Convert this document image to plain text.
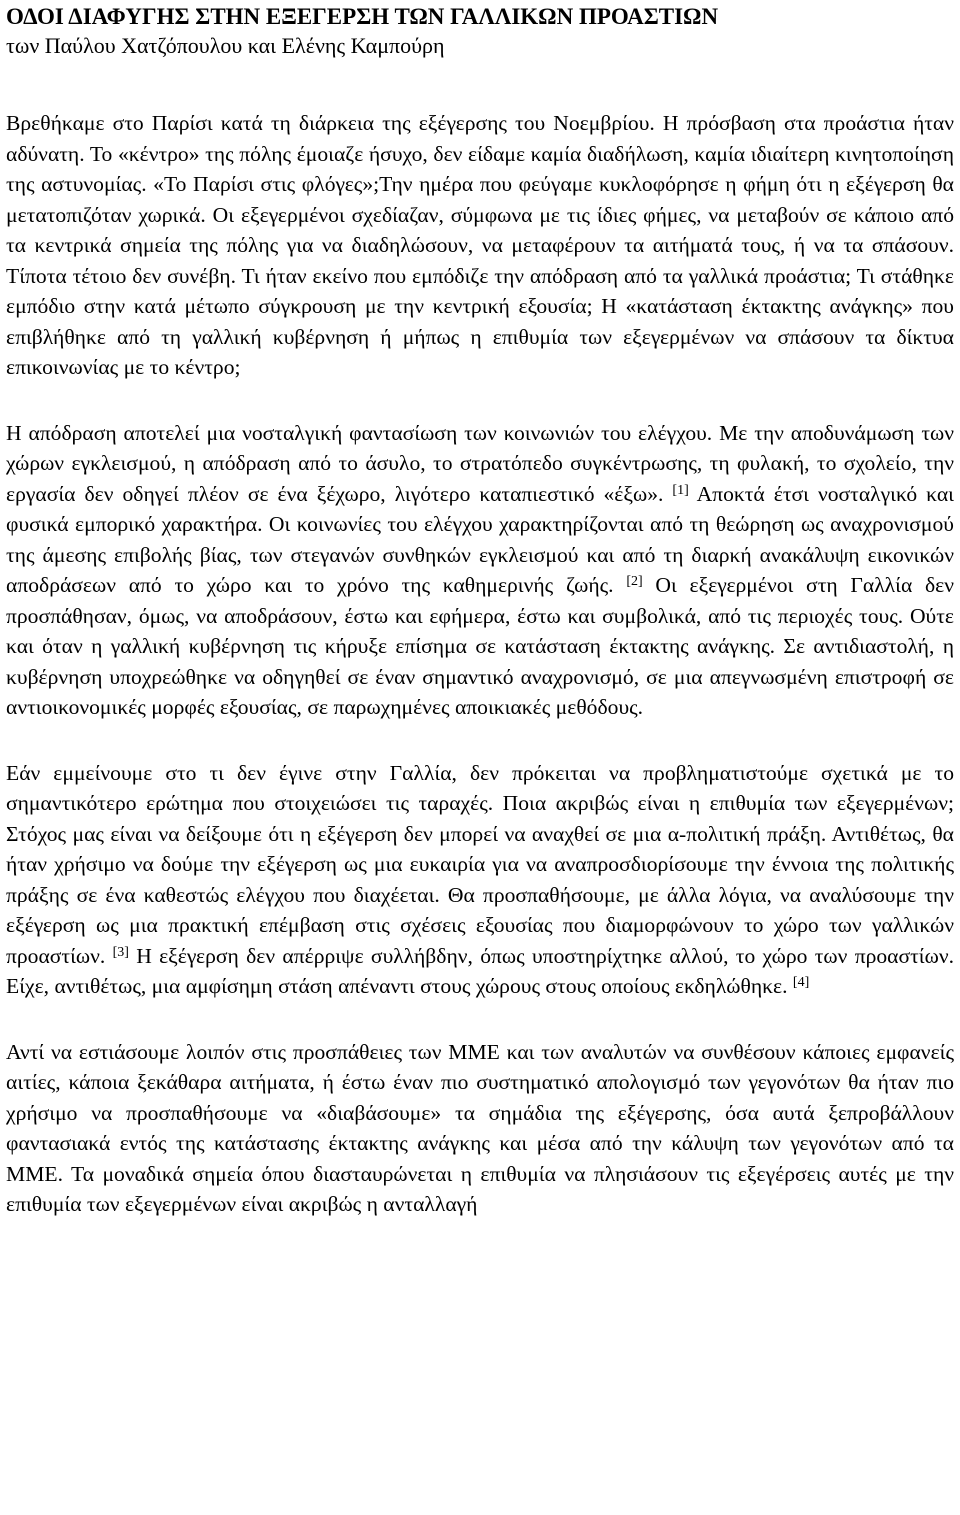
ΟΔΟΙ ΔΙΑΦΥΓΗΣ ΣΤΗΝ ΕΞΕΓΕΡΣΗ ΤΩΝ ΓΑΛΛΙΚΩΝ ΠΡΟΑΣΤΙΩΝ
των Παύλου Χατζόπουλου και Ελένης Καμπούρη

Βρεθήκαμε στο Παρίσι κατά τη διάρκεια της εξέγερσης του Νοεμβρίου. Η πρόσβαση στα προάστια ήταν αδύνατη. Το «κέντρο» της πόλης έμοιαζε ήσυχο, δεν είδαμε καμία διαδήλωση, καμία ιδιαίτερη κινητοποίηση της αστυνομίας. «Το Παρίσι στις φλόγες»;Την ημέρα που φεύγαμε κυκλοφόρησε η φήμη ότι η εξέγερση θα μετατοπιζόταν χωρικά. Οι εξεγερμένοι σχεδίαζαν, σύμφωνα με τις ίδιες φήμες, να μεταβούν σε κάποιο από τα κεντρικά σημεία της πόλης για να διαδηλώσουν, να μεταφέρουν τα αιτήματά τους, ή να τα σπάσουν. Τίποτα τέτοιο δεν συνέβη. Τι ήταν εκείνο που εμπόδιζε την απόδραση από τα γαλλικά προάστια; Τι στάθηκε εμπόδιο στην κατά μέτωπο σύγκρουση με την κεντρική εξουσία; Η «κατάσταση έκτακτης ανάγκης» που επιβλήθηκε από τη γαλλική κυβέρνηση ή μήπως η επιθυμία των εξεγερμένων να σπάσουν τα δίκτυα επικοινωνίας με το κέντρο;

Η απόδραση αποτελεί μια νοσταλγική φαντασίωση των κοινωνιών του ελέγχου. Με την αποδυνάμωση των χώρων εγκλεισμού, η απόδραση από το άσυλο, το στρατόπεδο συγκέντρωσης, τη φυλακή, το σχολείο, την εργασία δεν οδηγεί πλέον σε ένα ξέχωρο, λιγότερο καταπιεστικό «έξω». [1] Αποκτά έτσι νοσταλγικό και φυσικά εμπορικό χαρακτήρα. Οι κοινωνίες του ελέγχου χαρακτηρίζονται από τη θεώρηση ως αναχρονισμού της άμεσης επιβολής βίας, των στεγανών συνθηκών εγκλεισμού και από τη διαρκή ανακάλυψη εικονικών αποδράσεων από το χώρο και το χρόνο της καθημερινής ζωής. [2] Οι εξεγερμένοι στη Γαλλία δεν προσπάθησαν, όμως, να αποδράσουν, έστω και εφήμερα, έστω και συμβολικά, από τις περιοχές τους. Ούτε και όταν η γαλλική κυβέρνηση τις κήρυξε επίσημα σε κατάσταση έκτακτης ανάγκης. Σε αντιδιαστολή, η κυβέρνηση υποχρεώθηκε να οδηγηθεί σε έναν σημαντικό αναχρονισμό, σε μια απεγνωσμένη επιστροφή σε αντιοικονομικές μορφές εξουσίας, σε παρωχημένες αποικιακές μεθόδους.

Εάν εμμείνουμε στο τι δεν έγινε στην Γαλλία, δεν πρόκειται να προβληματιστούμε σχετικά με το σημαντικότερο ερώτημα που στοιχειώσει τις ταραχές. Ποια ακριβώς είναι η επιθυμία των εξεγερμένων; Στόχος μας είναι να δείξουμε ότι η εξέγερση δεν μπορεί να αναχθεί σε μια α-πολιτική πράξη. Αντιθέτως, θα ήταν χρήσιμο να δούμε την εξέγερση ως μια ευκαιρία για να αναπροσδιορίσουμε την έννοια της πολιτικής πράξης σε ένα καθεστώς ελέγχου που διαχέεται. Θα προσπαθήσουμε, με άλλα λόγια, να αναλύσουμε την εξέγερση ως μια πρακτική επέμβαση στις σχέσεις εξουσίας που διαμορφώνουν το χώρο των γαλλικών προαστίων. [3] Η εξέγερση δεν απέρριψε συλλήβδην, όπως υποστηρίχτηκε αλλού, το χώρο των προαστίων. Είχε, αντιθέτως, μια αμφίσημη στάση απέναντι στους χώρους στους οποίους εκδηλώθηκε. [4]

Αντί να εστιάσουμε λοιπόν στις προσπάθειες των ΜΜΕ και των αναλυτών να συνθέσουν κάποιες εμφανείς αιτίες, κάποια ξεκάθαρα αιτήματα, ή έστω έναν πιο συστηματικό απολογισμό των γεγονότων θα ήταν πιο χρήσιμο να προσπαθήσουμε να «διαβάσουμε» τα σημάδια της εξέγερσης, όσα αυτά ξεπροβάλλουν φαντασιακά εντός της κατάστασης έκτακτης ανάγκης και μέσα από την κάλυψη των γεγονότων από τα ΜΜΕ. Τα μοναδικά σημεία όπου διασταυρώνεται η επιθυμία να πλησιάσουν τις εξεγέρσεις αυτές με την επιθυμία των εξεγερμένων είναι ακριβώς η ανταλλαγή
